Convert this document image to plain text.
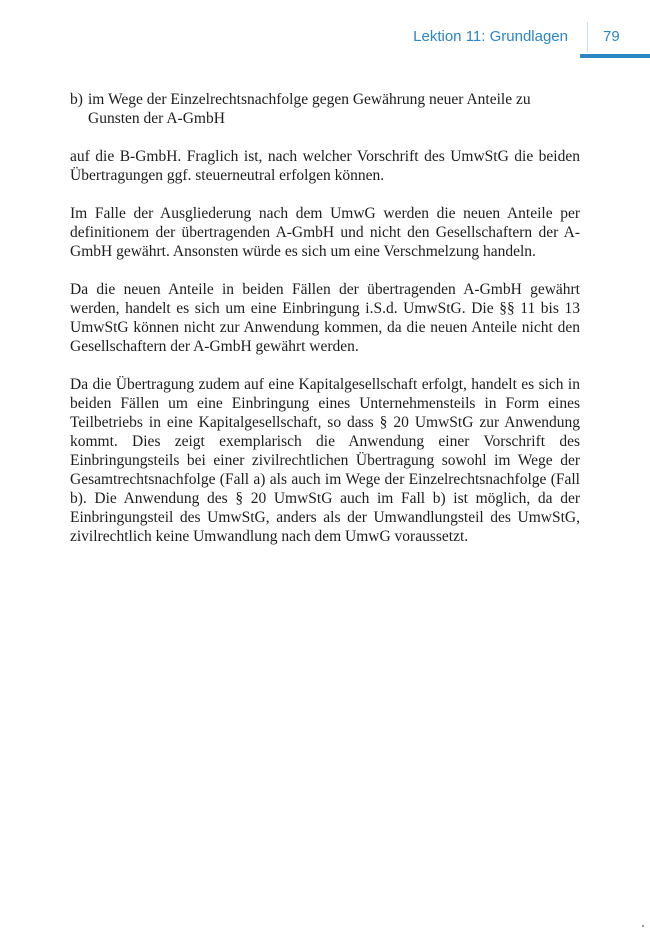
Lektion 11: Grundlagen 79
b) im Wege der Einzelrechtsnachfolge gegen Gewährung neuer Anteile zu Gunsten der A-GmbH

auf die B-GmbH. Fraglich ist, nach welcher Vorschrift des UmwStG die beiden Übertragungen ggf. steuerneutral erfolgen können.

Im Falle der Ausgliederung nach dem UmwG werden die neuen Anteile per definitionem der übertragenden A-GmbH und nicht den Gesellschaftern der A-GmbH gewährt. Ansonsten würde es sich um eine Verschmelzung handeln.

Da die neuen Anteile in beiden Fällen der übertragenden A-GmbH gewährt werden, handelt es sich um eine Einbringung i.S.d. UmwStG. Die §§ 11 bis 13 UmwStG können nicht zur Anwendung kommen, da die neuen Anteile nicht den Gesellschaftern der A-GmbH gewährt werden.

Da die Übertragung zudem auf eine Kapitalgesellschaft erfolgt, handelt es sich in beiden Fällen um eine Einbringung eines Unternehmensteils in Form eines Teilbetriebs in eine Kapitalgesellschaft, so dass § 20 UmwStG zur Anwendung kommt. Dies zeigt exemplarisch die Anwendung einer Vorschrift des Einbringungsteils bei einer zivilrechtlichen Übertragung sowohl im Wege der Gesamtrechtsnachfolge (Fall a) als auch im Wege der Einzelrechtsnachfolge (Fall b). Die Anwendung des § 20 UmwStG auch im Fall b) ist möglich, da der Einbringungsteil des UmwStG, anders als der Umwandlungsteil des UmwStG, zivilrechtlich keine Umwandlung nach dem UmwG voraussetzt.
